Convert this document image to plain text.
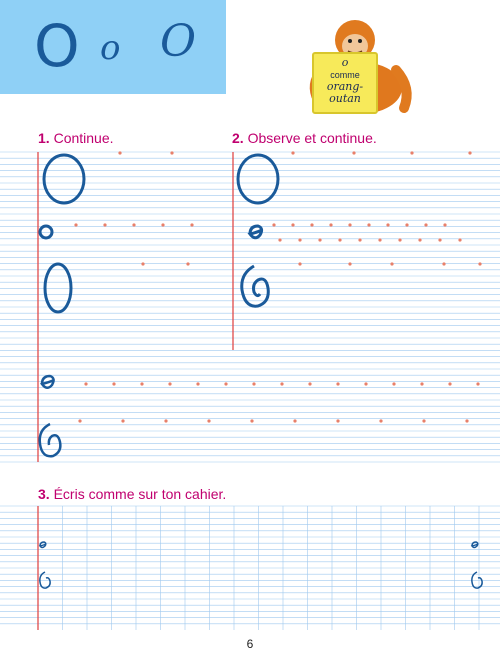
O o O	o
comme
orang-
outan
1. Continue.	2. Observe et continue.
3. Écris comme sur ton cahier.
6
